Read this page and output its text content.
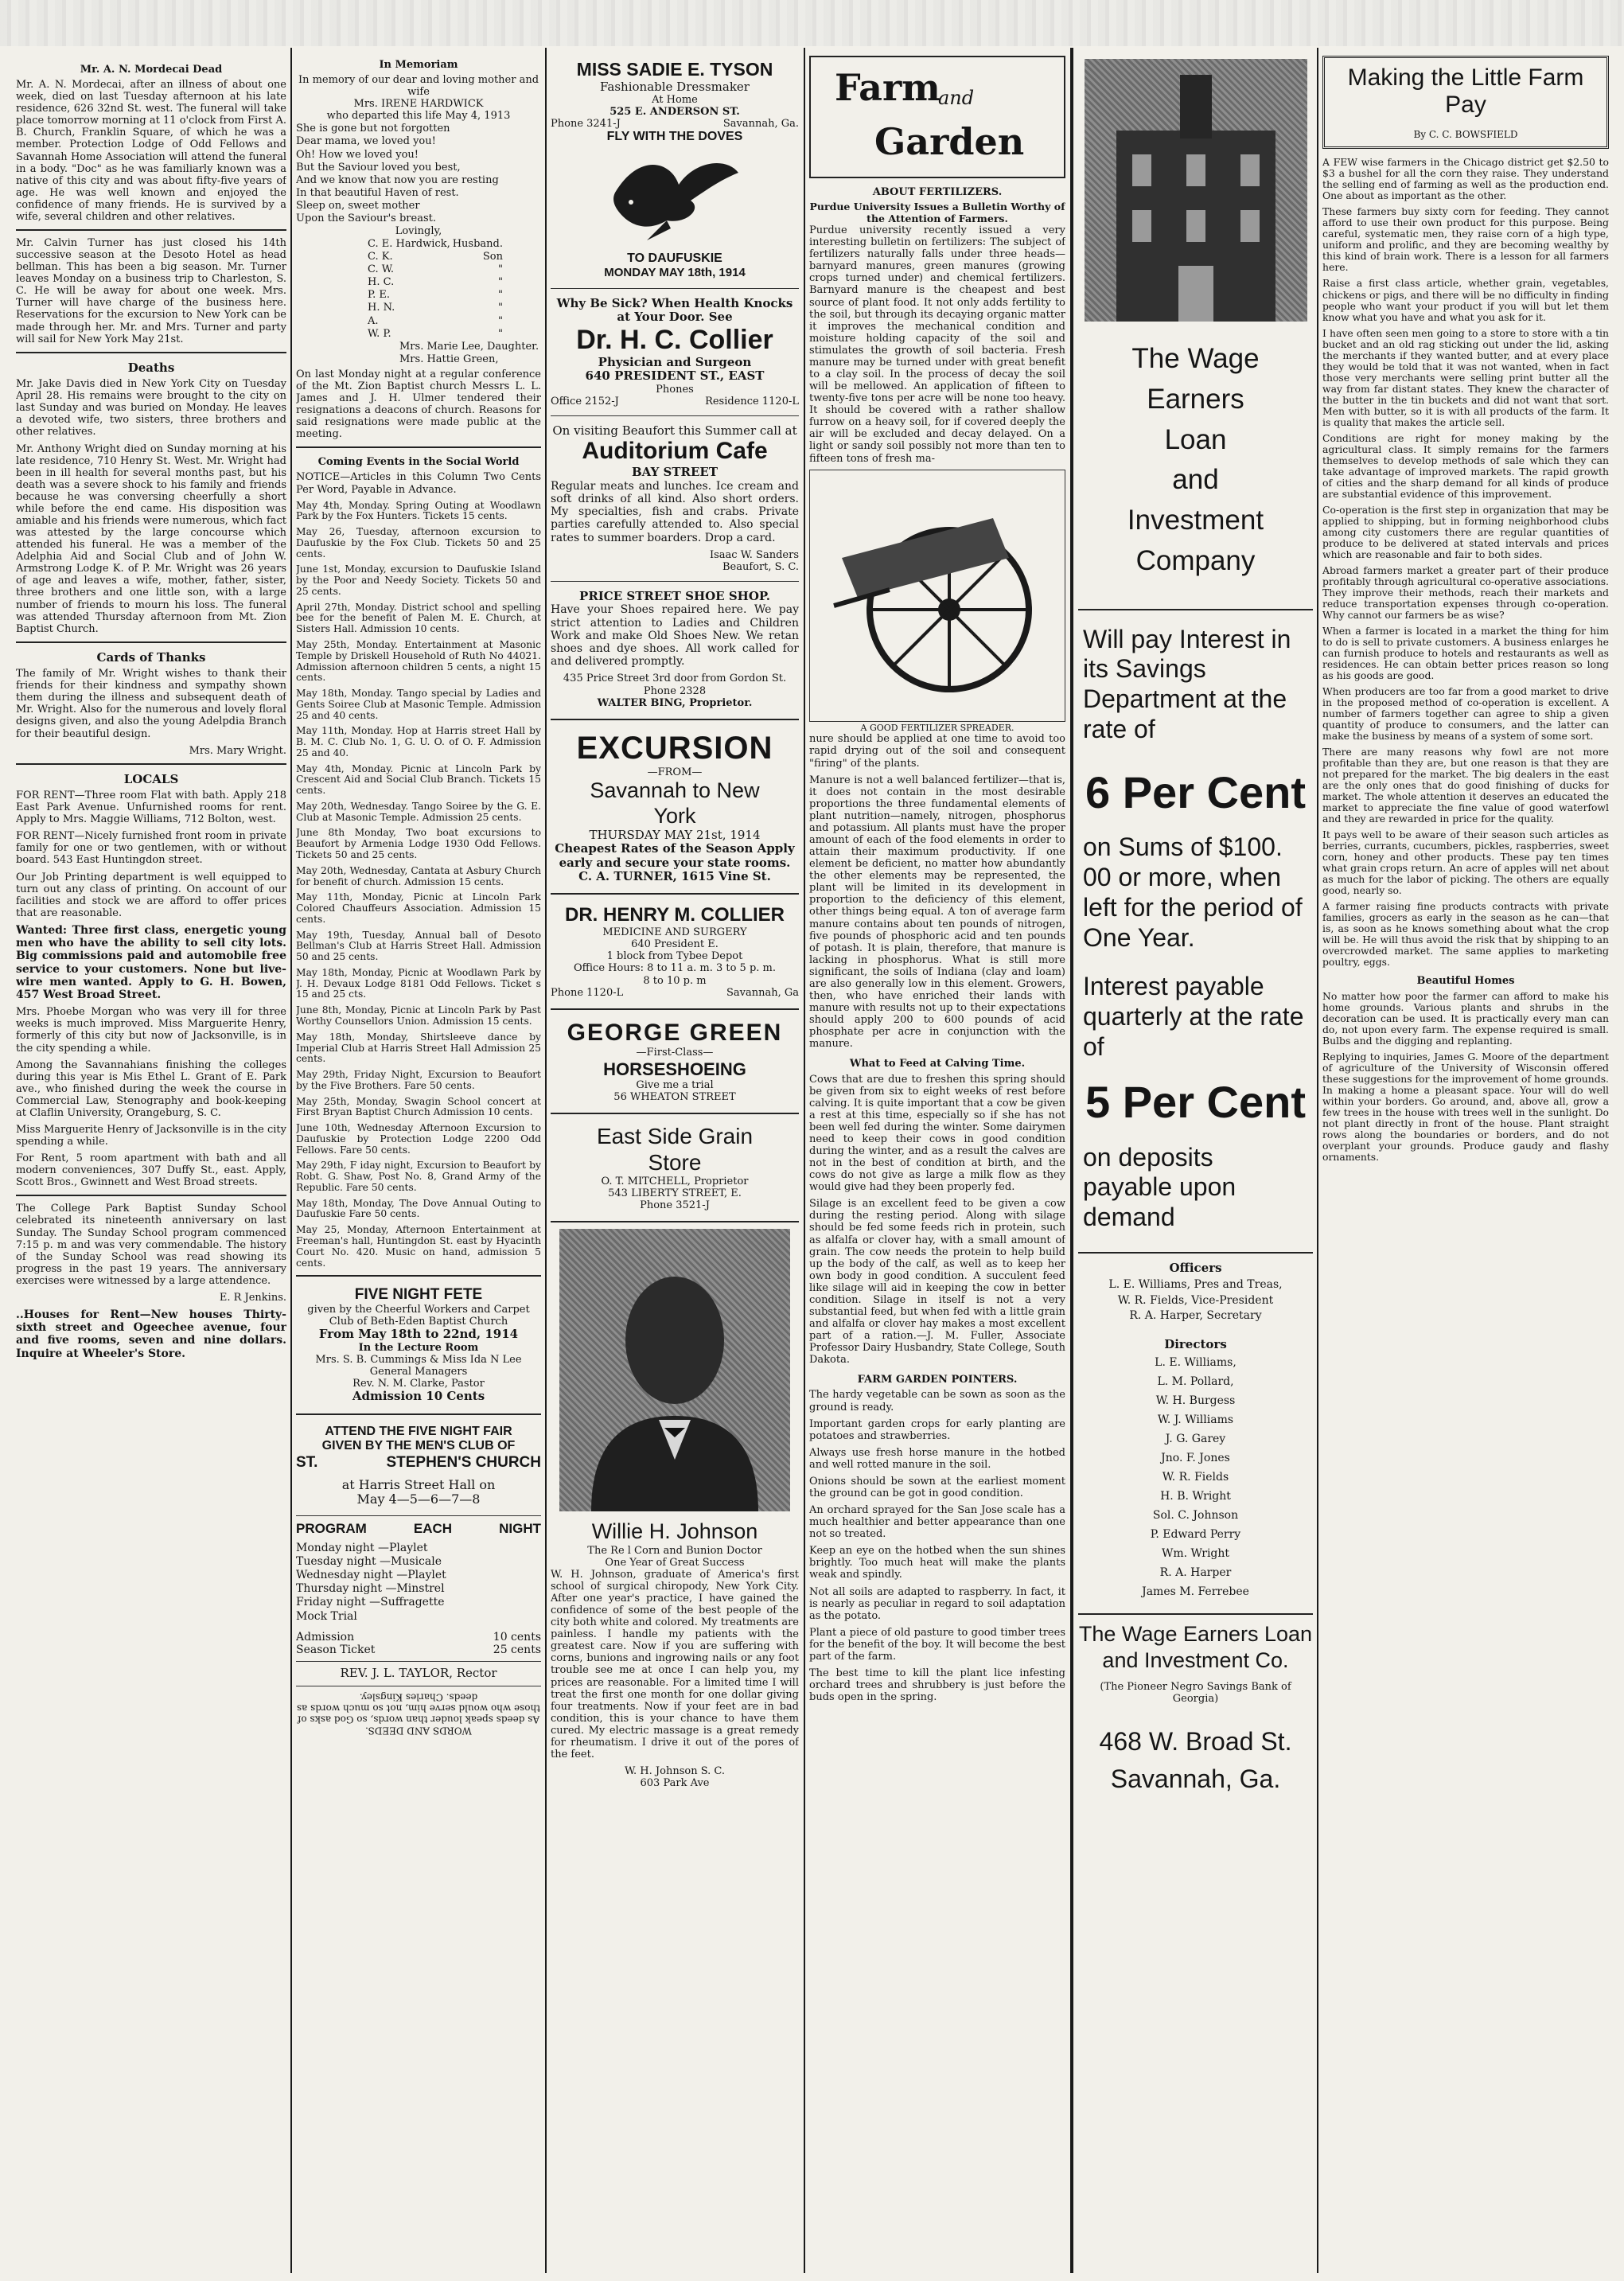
Mr. A. N. Mordecai Dead

Mr. A. N. Mordecai, after an illness of about one week, died on last Tuesday afternoon at his late residence, 626 32nd St. west. The funeral will take place tomorrow morning at 11 o'clock from First A. B. Church, Franklin Square, of which he was a member. Protection Lodge of Odd Fellows and Savannah Home Association will attend the funeral in a body. "Doc" as he was familiarly known was a native of this city and was about fifty-five years of age. He was well known and enjoyed the confidence of many friends. He is survived by a wife, several children and other relatives.

Mr. Calvin Turner has just closed his 14th successive season at the Desoto Hotel as head bellman. This has been a big season. Mr. Turner leaves Monday on a business trip to Charleston, S. C. He will be away for about one week. Mrs. Turner will have charge of the business here. Reservations for the excursion to New York can be made through her. Mr. and Mrs. Turner and party will sail for New York May 21st.

Deaths

Mr. Jake Davis died in New York City on Tuesday April 28. His remains were brought to the city on last Sunday and was buried on Monday. He leaves a devoted wife, two sisters, three brothers and other relatives.

Mr. Anthony Wright died on Sunday morning at his late residence, 710 Henry St. West. Mr. Wright had been in ill health for several months past, but his death was a severe shock to his family and friends because he was conversing cheerfully a short while before the end came. His disposition was amiable and his friends were numerous, which fact was attested by the large concourse which attended his funeral. He was a member of the Adelphia Aid and Social Club and of John W. Armstrong Lodge K. of P. Mr. Wright was 26 years of age and leaves a wife, mother, father, sister, three brothers and one little son, with a large number of friends to mourn his loss. The funeral was attended Thursday afternoon from Mt. Zion Baptist Church.

Cards of Thanks

The family of Mr. Wright wishes to thank their friends for their kindness and sympathy shown them during the illness and subsequent death of Mr. Wright. Also for the numerous and lovely floral designs given, and also the young Adelpdia Branch for their beautiful design.

Mrs. Mary Wright.

LOCALS

FOR RENT—Three room Flat with bath. Apply 218 East Park Avenue. Unfurnished rooms for rent. Apply to Mrs. Maggie Williams, 712 Bolton, west.

FOR RENT—Nicely furnished front room in private family for one or two gentlemen, with or without board. 543 East Huntingdon street.

Our Job Printing department is well equipped to turn out any class of printing. On account of our facilities and stock we are afford to offer prices that are reasonable.

Wanted: Three first class, energetic young men who have the ability to sell city lots. Big commissions paid and automobile free service to your customers. None but live-wire men wanted. Apply to G. H. Bowen, 457 West Broad Street.

Mrs. Phoebe Morgan who was very ill for three weeks is much improved. Miss Marguerite Henry, formerly of this city but now of Jacksonville, is in the city spending a while.

Among the Savannahians finishing the colleges during this year is Mis Ethel L. Grant of E. Park ave., who finished during the week the course in Commercial Law, Stenography and book-keeping at Claflin University, Orangeburg, S. C.

Miss Marguerite Henry of Jacksonville is in the city spending a while.

For Rent, 5 room apartment with bath and all modern conveniences, 307 Duffy St., east. Apply, Scott Bros., Gwinnett and West Broad streets.

The College Park Baptist Sunday School celebrated its nineteenth anniversary on last Sunday. The Sunday School program commenced 7:15 p. m and was very commendable. The history of the Sunday School was read showing its progress in the past 19 years. The anniversary exercises were witnessed by a large attendence.

E. R Jenkins.

..Houses for Rent—New houses Thirty-sixth street and Ogeechee avenue, four and five rooms, seven and nine dollars. Inquire at Wheeler's Store.

In Memoriam
In memory of our dear and loving mother and wife
Mrs. IRENE HARDWICK
who departed this life May 4, 1913
She is gone but not forgotten
Dear mama, we loved you!
Oh! How we loved you!
But the Saviour loved you best,
And we know that now you are resting
In that beautiful Haven of rest.
Sleep on, sweet mother
Upon the Saviour's breast.
Lovingly,
C. E. Hardwick, Husband.
C. K.	Son
C. W.	"
H. C.	"
P. E.	"
H. N.	"
A.	"
W. P.	"
Mrs. Marie Lee, Daughter.
Mrs. Hattie Green,

On last Monday night at a regular conference of the Mt. Zion Baptist church Messrs L. L. James and J. H. Ulmer tendered their resignations a deacons of church. Reasons for said resignations were made public at the meeting.

Coming Events in the Social World

NOTICE—Articles in this Column Two Cents Per Word, Payable in Advance.

May 4th, Monday. Spring Outing at Woodlawn Park by the Fox Hunters. Tickets 15 cents.

May 26, Tuesday, afternoon excursion to Daufuskie by the Fox Club. Tickets 50 and 25 cents.

June 1st, Monday, excursion to Daufuskie Island by the Poor and Needy Society. Tickets 50 and 25 cents.

April 27th, Monday. District school and spelling bee for the benefit of Palen M. E. Church, at Sisters Hall. Admission 10 cents.

May 25th, Monday. Entertainment at Masonic Temple by Driskell Household of Ruth No 44021. Admission afternoon children 5 cents, a night 15 cents.

May 18th, Monday. Tango special by Ladies and Gents Soiree Club at Masonic Temple. Admission 25 and 40 cents.

May 11th, Monday. Hop at Harris street Hall by B. M. C. Club No. 1, G. U. O. of O. F. Admission 25 and 40.

May 4th, Monday. Picnic at Lincoln Park by Crescent Aid and Social Club Branch. Tickets 15 cents.

May 20th, Wednesday. Tango Soiree by the G. E. Club at Masonic Temple. Admission 25 cents.

June 8th Monday, Two boat excursions to Beaufort by Armenia Lodge 1930 Odd Fellows. Tickets 50 and 25 cents.

May 20th, Wednesday, Cantata at Asbury Church for benefit of church. Admission 15 cents.

May 11th, Monday, Picnic at Lincoln Park Colored Chauffeurs Association. Admission 15 cents.

May 19th, Tuesday, Annual ball of Desoto Bellman's Club at Harris Street Hall. Admission 50 and 25 cents.

May 18th, Monday, Picnic at Woodlawn Park by J. H. Devaux Lodge 8181 Odd Fellows. Ticket s 15 and 25 cts.

June 8th, Monday, Picnic at Lincoln Park by Past Worthy Counsellors Union. Admission 15 cents.

May 18th, Monday, Shirtsleeve dance by Imperial Club at Harris Street Hall Admission 25 cents.

May 29th, Friday Night, Excursion to Beaufort by the Five Brothers. Fare 50 cents.

May 25th, Monday, Swagin School concert at First Bryan Baptist Church Admission 10 cents.

June 10th, Wednesday Afternoon Excursion to Daufuskie by Protection Lodge 2200 Odd Fellows. Fare 50 cents.

May 29th, F iday night, Excursion to Beaufort by Robt. G. Shaw, Post No. 8, Grand Army of the Republic. Fare 50 cents.

May 18th, Monday, The Dove Annual Outing to Daufuskie Fare 50 cents.

May 25, Monday, Afternoon Entertainment at Freeman's hall, Huntingdon St. east by Hyacinth Court No. 420. Music on hand, admission 5 cents.

FIVE NIGHT FETE
given by the Cheerful Workers and Carpet Club of Beth-Eden Baptist Church
From May 18th to 22nd, 1914
In the Lecture Room
Mrs. S. B. Cummings & Miss Ida N Lee General Managers
Rev. N. M. Clarke, Pastor
Admission 10 Cents
ATTEND THE FIVE NIGHT FAIR
GIVEN BY THE MEN'S CLUB OF
ST.	STEPHEN'S CHURCH
at Harris Street Hall on
May 4—5—6—7—8
PROGRAM	EACH	NIGHT
Monday night —Playlet
Tuesday night —Musicale
Wednesday night —Playlet
Thursday night —Minstrel
Friday night —Suffragette
Mock Trial
Admission	10 cents
Season Ticket	25 cents
REV. J. L. TAYLOR, Rector
WORDS AND DEEDS.
As deeds speak louder than words, so God asks of those who would serve him, not so much words as deeds. Charles Kingsley.
MISS SADIE E. TYSON
Fashionable Dressmaker
At Home
525 E. ANDERSON ST.
Phone 3241-J	Savannah, Ga.
FLY WITH THE DOVES
TO DAUFUSKIE
MONDAY MAY 18th, 1914
Why Be Sick? When Health Knocks at Your Door. See
Dr. H. C. Collier
Physician and Surgeon
640 PRESIDENT ST., EAST
Phones
Office 2152-J	Residence 1120-L
On visiting Beaufort this Summer call at
Auditorium Cafe
BAY STREET

Regular meats and lunches. Ice cream and soft drinks of all kind. Also short orders. My specialties, fish and crabs. Private parties carefully attended to. Also special rates to summer boarders. Drop a card.

Isaac W. Sanders
Beaufort, S. C.
PRICE STREET SHOE SHOP.

Have your Shoes repaired here. We pay strict attention to Ladies and Children Work and make Old Shoes New. We retan shoes and dye shoes. All work called for and delivered promptly.

435 Price Street 3rd door from Gordon St.
Phone 2328
WALTER BING, Proprietor.
EXCURSION
—FROM—
Savannah to New
York
THURSDAY MAY 21st, 1914
Cheapest Rates of the Season Apply early and secure your state rooms.
C. A. TURNER, 1615 Vine St.
DR. HENRY M. COLLIER
MEDICINE AND SURGERY
640 President E.
1 block from Tybee Depot
Office Hours: 8 to 11 a. m. 3 to 5 p. m.
8 to 10 p. m
Phone 1120-L	Savannah, Ga
GEORGE GREEN
—First-Class—
HORSESHOEING
Give me a trial
56 WHEATON STREET
East Side Grain
Store
O. T. MITCHELL, Proprietor
543 LIBERTY STREET, E.
Phone 3521-J
Willie H. Johnson
The Re l Corn and Bunion Doctor
One Year of Great Success

W. H. Johnson, graduate of America's first school of surgical chiropody, New York City. After one year's practice, I have gained the confidence of some of the best people of the city both white and colored. My treatments are painless. I handle my patients with the greatest care. Now if you are suffering with corns, bunions and ingrowing nails or any foot trouble see me at once I can help you, my prices are reasonable. For a limited time I will treat the first one month for one dollar giving four treatments. Now if your feet are in bad condition, this is your chance to have them cured. My electric massage is a great remedy for rheumatism. I drive it out of the pores of the feet.

W. H. Johnson S. C.
603 Park Ave
Farm
and
Garden
ABOUT FERTILIZERS.
Purdue University Issues a Bulletin Worthy of the Attention of Farmers.

Purdue university recently issued a very interesting bulletin on fertilizers: The subject of fertilizers naturally falls under three heads—barnyard manures, green manures (growing crops turned under) and chemical fertilizers. Barnyard manure is the cheapest and best source of plant food. It not only adds fertility to the soil, but through its decaying organic matter it improves the mechanical condition and moisture holding capacity of the soil and stimulates the growth of soil bacteria. Fresh manure may be turned under with great benefit to a clay soil. In the process of decay the soil will be mellowed. An application of fifteen to twenty-five tons per acre will be none too heavy. It should be covered with a rather shallow furrow on a heavy soil, for if covered deeply the air will be excluded and decay delayed. On a light or sandy soil possibly not more than ten to fifteen tons of fresh ma-

A GOOD FERTILIZER SPREADER.

nure should be applied at one time to avoid too rapid drying out of the soil and consequent "firing" of the plants.

Manure is not a well balanced fertilizer—that is, it does not contain in the most desirable proportions the three fundamental elements of plant nutrition—namely, nitrogen, phosphorus and potassium. All plants must have the proper amount of each of the food elements in order to attain their maximum productivity. If one element be deficient, no matter how abundantly the other elements may be represented, the plant will be limited in its development in proportion to the deficiency of this element, other things being equal. A ton of average farm manure contains about ten pounds of nitrogen, five pounds of phosphoric acid and ten pounds of potash. It is plain, therefore, that manure is lacking in phosphorus. What is still more significant, the soils of Indiana (clay and loam) are also generally low in this element. Growers, then, who have enriched their lands with manure with results not up to their expectations should apply 200 to 600 pounds of acid phosphate per acre in conjunction with the manure.

What to Feed at Calving Time.

Cows that are due to freshen this spring should be given from six to eight weeks of rest before calving. It is quite important that a cow be given a rest at this time, especially so if she has not been well fed during the winter. Some dairymen need to keep their cows in good condition during the winter, and as a result the calves are not in the best of condition at birth, and the cows do not give as large a milk flow as they would give had they been properly fed.

Silage is an excellent feed to be given a cow during the resting period. Along with silage should be fed some feeds rich in protein, such as alfalfa or clover hay, with a small amount of grain. The cow needs the protein to help build up the body of the calf, as well as to keep her own body in good condition. A succulent feed like silage will aid in keeping the cow in better condition. Silage in itself is not a very substantial feed, but when fed with a little grain and alfalfa or clover hay makes a most excellent part of a ration.—J. M. Fuller, Associate Professor Dairy Husbandry, State College, South Dakota.

FARM GARDEN POINTERS.

The hardy vegetable can be sown as soon as the ground is ready.

Important garden crops for early planting are potatoes and strawberries.

Always use fresh horse manure in the hotbed and well rotted manure in the soil.

Onions should be sown at the earliest moment the ground can be got in good condition.

An orchard sprayed for the San Jose scale has a much healthier and better appearance than one not so treated.

Keep an eye on the hotbed when the sun shines brightly. Too much heat will make the plants weak and spindly.

Not all soils are adapted to raspberry. In fact, it is nearly as peculiar in regard to soil adaptation as the potato.

Plant a piece of old pasture to good timber trees for the benefit of the boy. It will become the best part of the farm.

The best time to kill the plant lice infesting orchard trees and shrubbery is just before the buds open in the spring.

The Wage
Earners
Loan
and
Investment
Company
Will pay Interest in its Savings Department at the rate of
6 Per Cent
on Sums of $100. 00 or more, when left for the period of One Year.
Interest payable quarterly at the rate of
5 Per Cent
on deposits payable upon demand
Officers
L. E. Williams, Pres and Treas,
W. R. Fields, Vice-President
R. A. Harper, Secretary
Directors
L. E. Williams,
L. M. Pollard,
W. H. Burgess
W. J. Williams
J. G. Garey
Jno. F. Jones
W. R. Fields
H. B. Wright
Sol. C. Johnson
P. Edward Perry
Wm. Wright
R. A. Harper
James M. Ferrebee
The Wage Earners Loan and Investment Co.
(The Pioneer Negro Savings Bank of Georgia)
468 W. Broad St.
Savannah, Ga.
Making the Little Farm Pay
By C. C. BOWSFIELD

A FEW wise farmers in the Chicago district get $2.50 to $3 a bushel for all the corn they raise. They understand the selling end of farming as well as the production end. One about as important as the other.

These farmers buy sixty corn for feeding. They cannot afford to use their own product for this purpose. Being careful, systematic men, they raise corn of a high type, uniform and prolific, and they are becoming wealthy by this kind of brain work. There is a lesson for all farmers here.

Raise a first class article, whether grain, vegetables, chickens or pigs, and there will be no difficulty in finding people who want your product if you will but let them know what you have and what you ask for it.

I have often seen men going to a store to store with a tin bucket and an old rag sticking out under the lid, asking the merchants if they wanted butter, and at every place they would be told that it was not wanted, when in fact those very merchants were selling print butter all the way from far distant states. They knew the character of the butter in the tin buckets and did not want that sort. Men with butter, so it is with all products of the farm. It is quality that makes the article sell.

Conditions are right for money making by the agricultural class. It simply remains for the farmers themselves to develop methods of sale which they can take advantage of improved markets. The rapid growth of cities and the sharp demand for all kinds of produce are substantial evidence of this improvement.

Co-operation is the first step in organization that may be applied to shipping, but in forming neighborhood clubs among city customers there are regular quantities of produce to be delivered at stated intervals and prices which are reasonable and fair to both sides.

Abroad farmers market a greater part of their produce profitably through agricultural co-operative associations. They improve their methods, reach their markets and reduce transportation expenses through co-operation. Why cannot our farmers be as wise?

When a farmer is located in a market the thing for him to do is sell to private customers. A business enlarges he can furnish produce to hotels and restaurants as well as residences. He can obtain better prices reason so long as his goods are good.

When producers are too far from a good market to drive in the proposed method of co-operation is excellent. A number of farmers together can agree to ship a given quantity of produce to consumers, and the latter can make the business by means of a system of some sort.

There are many reasons why fowl are not more profitable than they are, but one reason is that they are not prepared for the market. The big dealers in the east are the only ones that do good finishing of ducks for market. The whole attention it deserves an educated the market to appreciate the fine value of good waterfowl and they are rewarded in price for the quality.

It pays well to be aware of their season such articles as berries, currants, cucumbers, pickles, raspberries, sweet corn, honey and other products. These pay ten times what grain crops return. An acre of apples will net about as much for the labor of picking. The others are equally good, nearly so.

A farmer raising fine products contracts with private families, grocers as early in the season as he can—that is, as soon as he knows something about what the crop will be. He will thus avoid the risk that by shipping to an overcrowded market. The same applies to marketing poultry, eggs.

Beautiful Homes

No matter how poor the farmer can afford to make his home grounds. Various plants and shrubs in the decoration can be used. It is practically every man can do, not upon every farm. The expense required is small. Bulbs and the digging and replanting.

Replying to inquiries, James G. Moore of the department of agriculture of the University of Wisconsin offered these suggestions for the improvement of home grounds. In making a home a pleasant space. Your will do well within your borders. Go around, and, above all, grow a few trees in the house with trees well in the sunlight. Do not plant directly in front of the house. Plant straight rows along the boundaries or borders, and do not overplant your grounds. Produce gaudy and flashy ornaments.
